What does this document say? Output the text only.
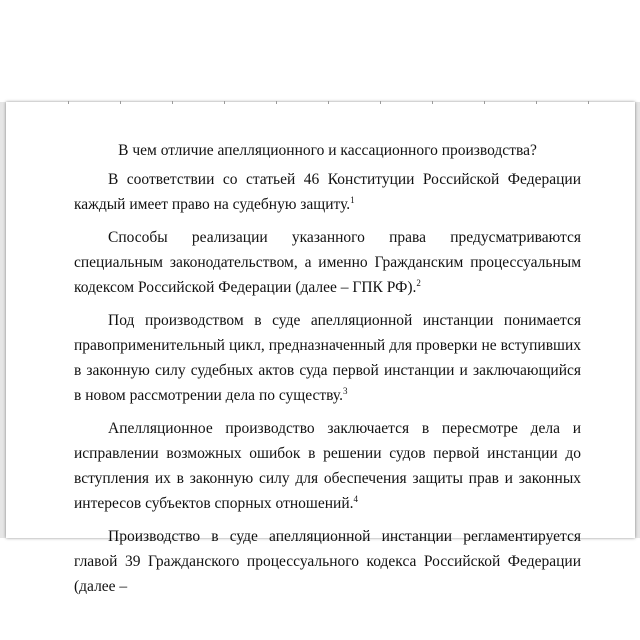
В чем отличие апелляционного и кассационного производства?

В соответствии со статьей 46 Конституции Российской Федерации каждый имеет право на судебную защиту.$^1$

Способы реализации указанного права предусматриваются специальным законодательством, а именно Гражданским процессуальным кодексом Российской Федерации (далее – ГПК РФ).$^2$

Под производством в суде апелляционной инстанции понимается правоприменительный цикл, предназначенный для проверки не вступивших в законную силу судебных актов суда первой инстанции и заключающийся в новом рассмотрении дела по существу.$^3$

Апелляционное производство заключается в пересмотре дела и исправлении возможных ошибок в решении судов первой инстанции до вступления их в законную силу для обеспечения защиты прав и законных интересов субъектов спорных отношений.$^4$

Производство в суде апелляционной инстанции регламентируется главой 39 Гражданского процессуального кодекса Российской Федерации (далее –
